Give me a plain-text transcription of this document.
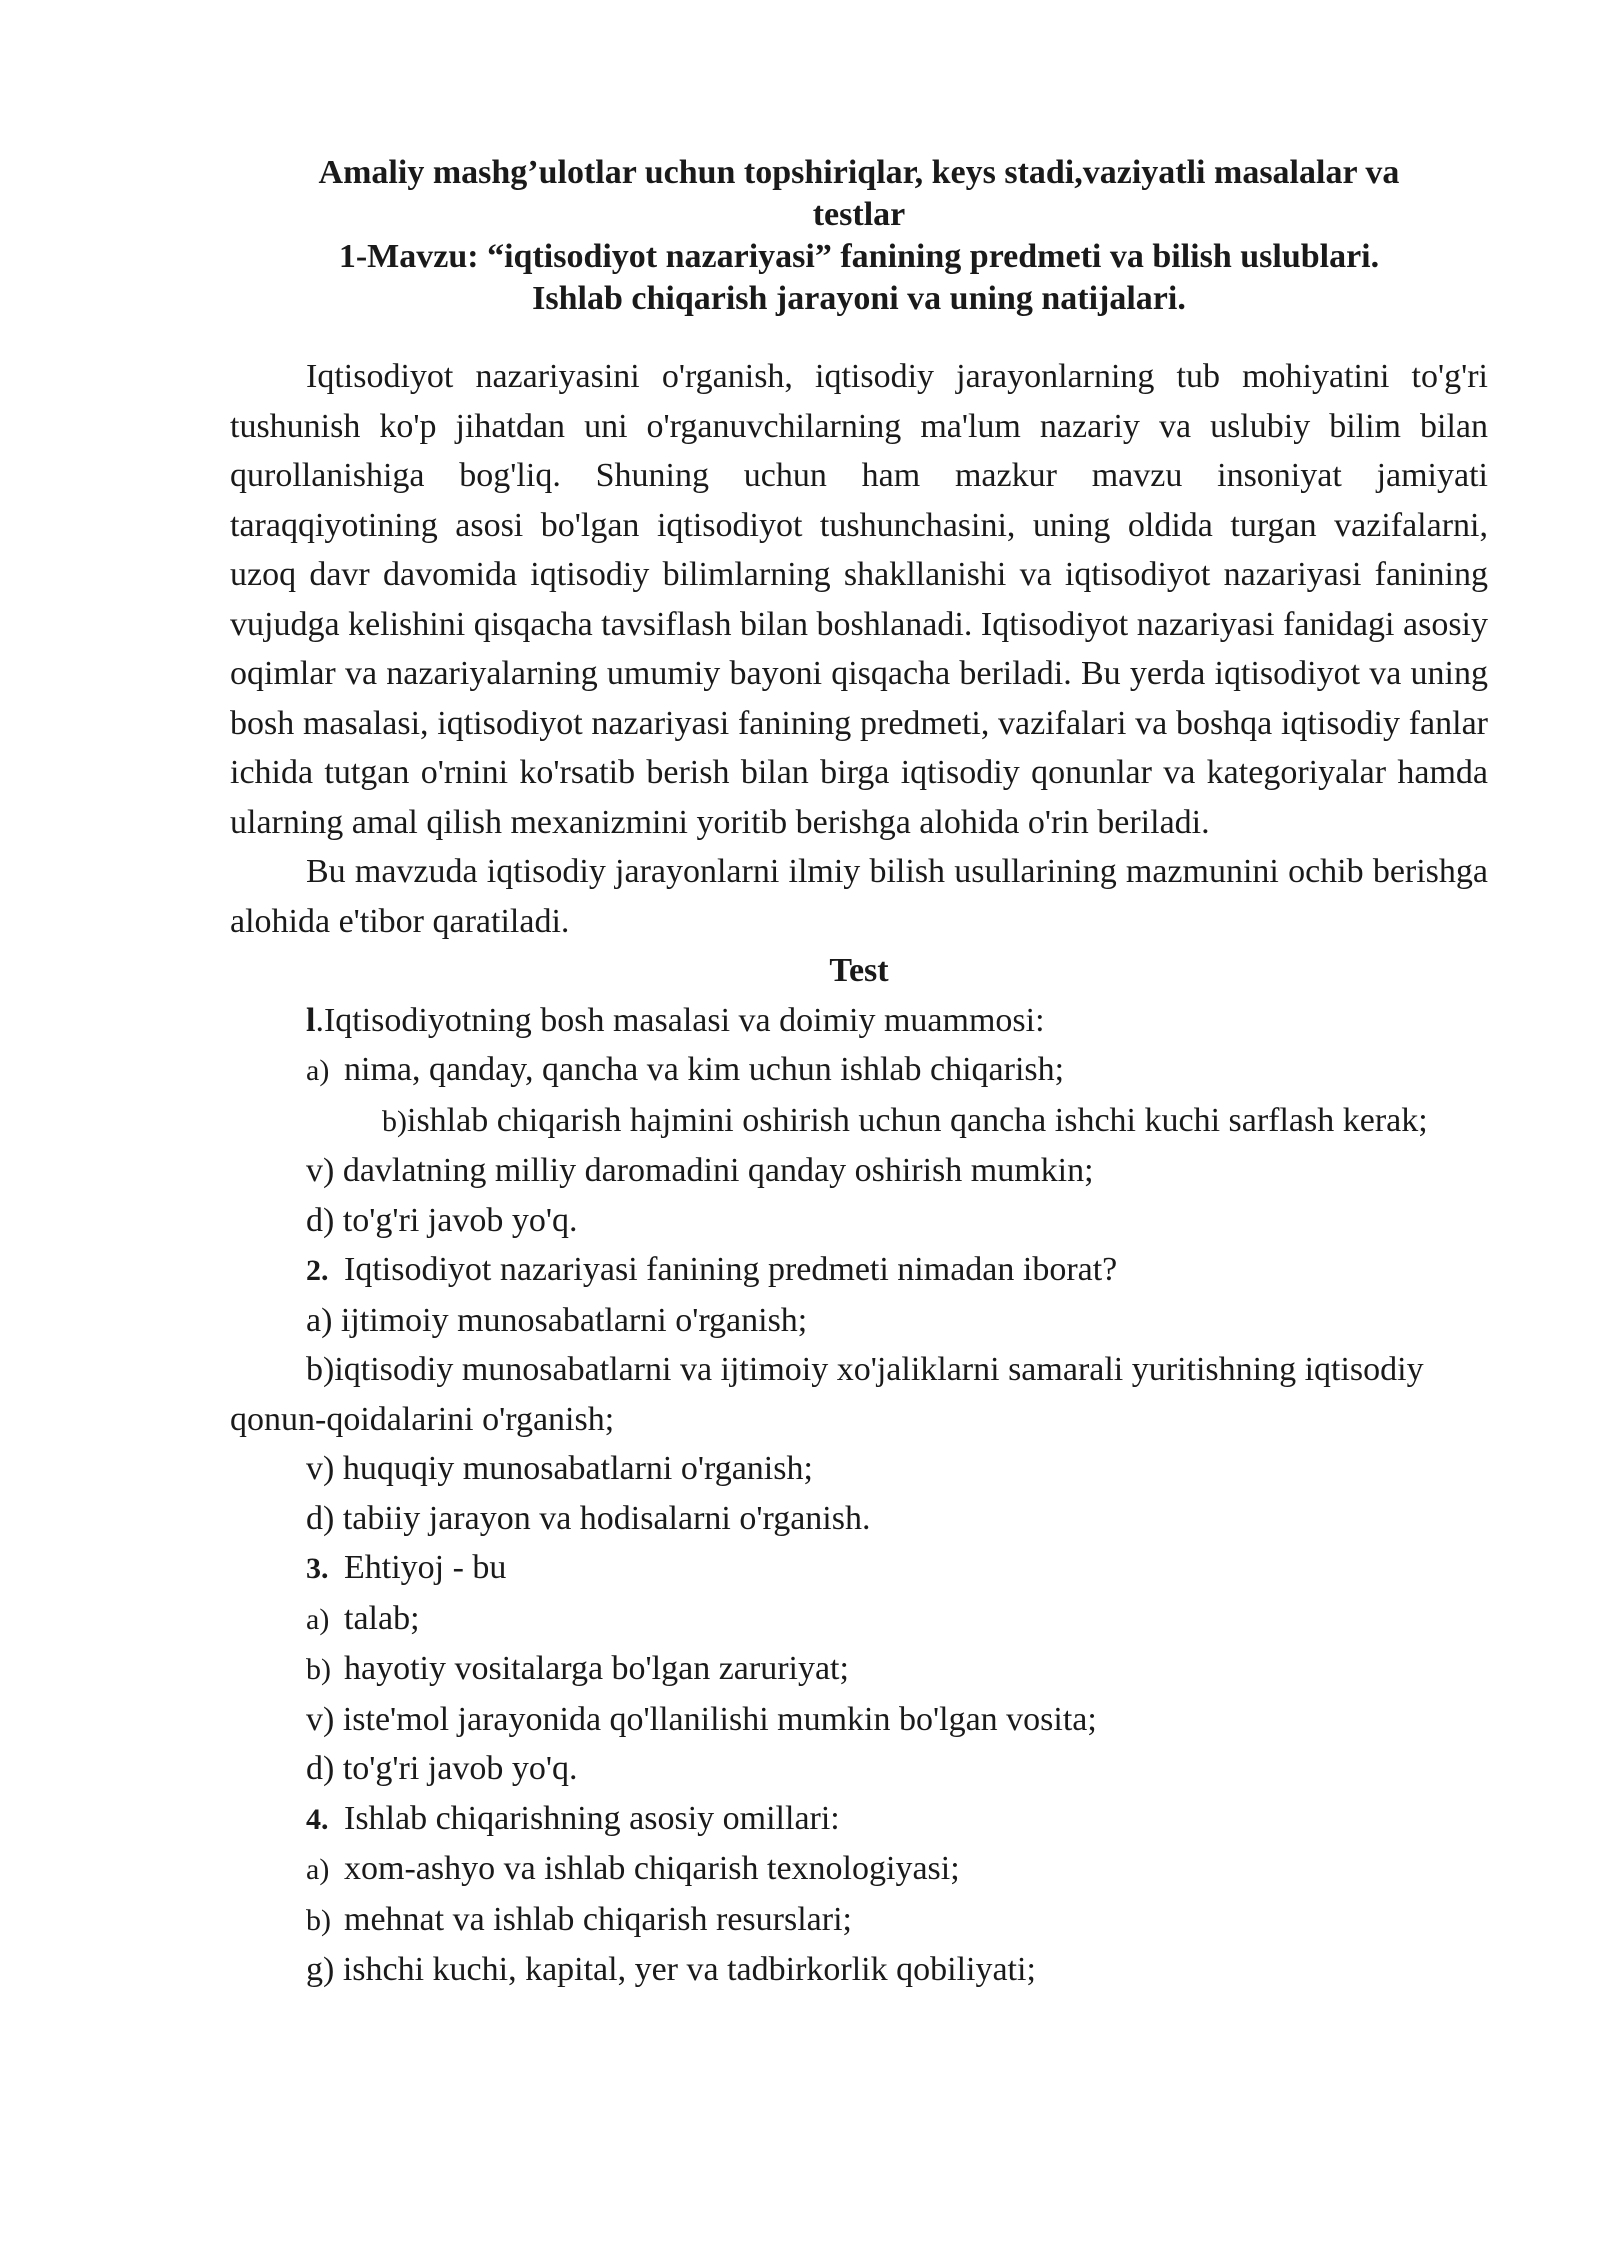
Amaliy mashg’ulotlar uchun topshiriqlar, keys stadi,vaziyatli masalalar va
testlar
1-Mavzu: “iqtisodiyot nazariyasi” fanining predmeti va bilish uslublari.
Ishlab chiqarish jarayoni va uning natijalari.

Iqtisodiyot nazariyasini o'rganish, iqtisodiy jarayonlarning tub mohiyatini to'g'ri tushunish ko'p jihatdan uni o'rganuvchilarning ma'lum nazariy va uslubiy bilim bilan qurollanishiga bog'liq. Shuning uchun ham mazkur mavzu insoniyat jamiyati taraqqiyotining asosi bo'lgan iqtisodiyot tushunchasini, uning oldida turgan vazifalarni, uzoq davr davomida iqtisodiy bilimlarning shakllanishi va iqtisodiyot nazariyasi fanining vujudga kelishini qisqacha tavsiflash bilan boshlanadi. Iqtisodiyot nazariyasi fanidagi asosiy oqimlar va nazariyalarning umumiy bayoni qisqacha beriladi. Bu yerda iqtisodiyot va uning bosh masalasi, iqtisodiyot nazariyasi fanining predmeti, vazifalari va boshqa iqtisodiy fanlar ichida tutgan o'rnini ko'rsatib berish bilan birga iqtisodiy qonunlar va kategoriyalar hamda ularning amal qilish mexanizmini yoritib berishga alohida o'rin beriladi.

Bu mavzuda iqtisodiy jarayonlarni ilmiy bilish usullarining mazmunini ochib berishga alohida e'tibor qaratiladi.

Test

l.Iqtisodiyotning bosh masalasi va doimiy muammosi:

a) nima, qanday, qancha va kim uchun ishlab chiqarish;

b)ishlab chiqarish hajmini oshirish uchun qancha ishchi kuchi sarflash kerak;

v) davlatning milliy daromadini qanday oshirish mumkin;

d) to'g'ri javob yo'q.

2. Iqtisodiyot nazariyasi fanining predmeti nimadan iborat?

a) ijtimoiy munosabatlarni o'rganish;

b)iqtisodiy munosabatlarni va ijtimoiy xo'jaliklarni samarali yuritishning iqtisodiy qonun-qoidalarini o'rganish;

v) huquqiy munosabatlarni o'rganish;

d) tabiiy jarayon va hodisalarni o'rganish.

3. Ehtiyoj - bu

a) talab;

b) hayotiy vositalarga bo'lgan zaruriyat;

v) iste'mol jarayonida qo'llanilishi mumkin bo'lgan vosita;

d) to'g'ri javob yo'q.

4. Ishlab chiqarishning asosiy omillari:

a) xom-ashyo va ishlab chiqarish texnologiyasi;

b) mehnat va ishlab chiqarish resurslari;

g) ishchi kuchi, kapital, yer va tadbirkorlik qobiliyati;
